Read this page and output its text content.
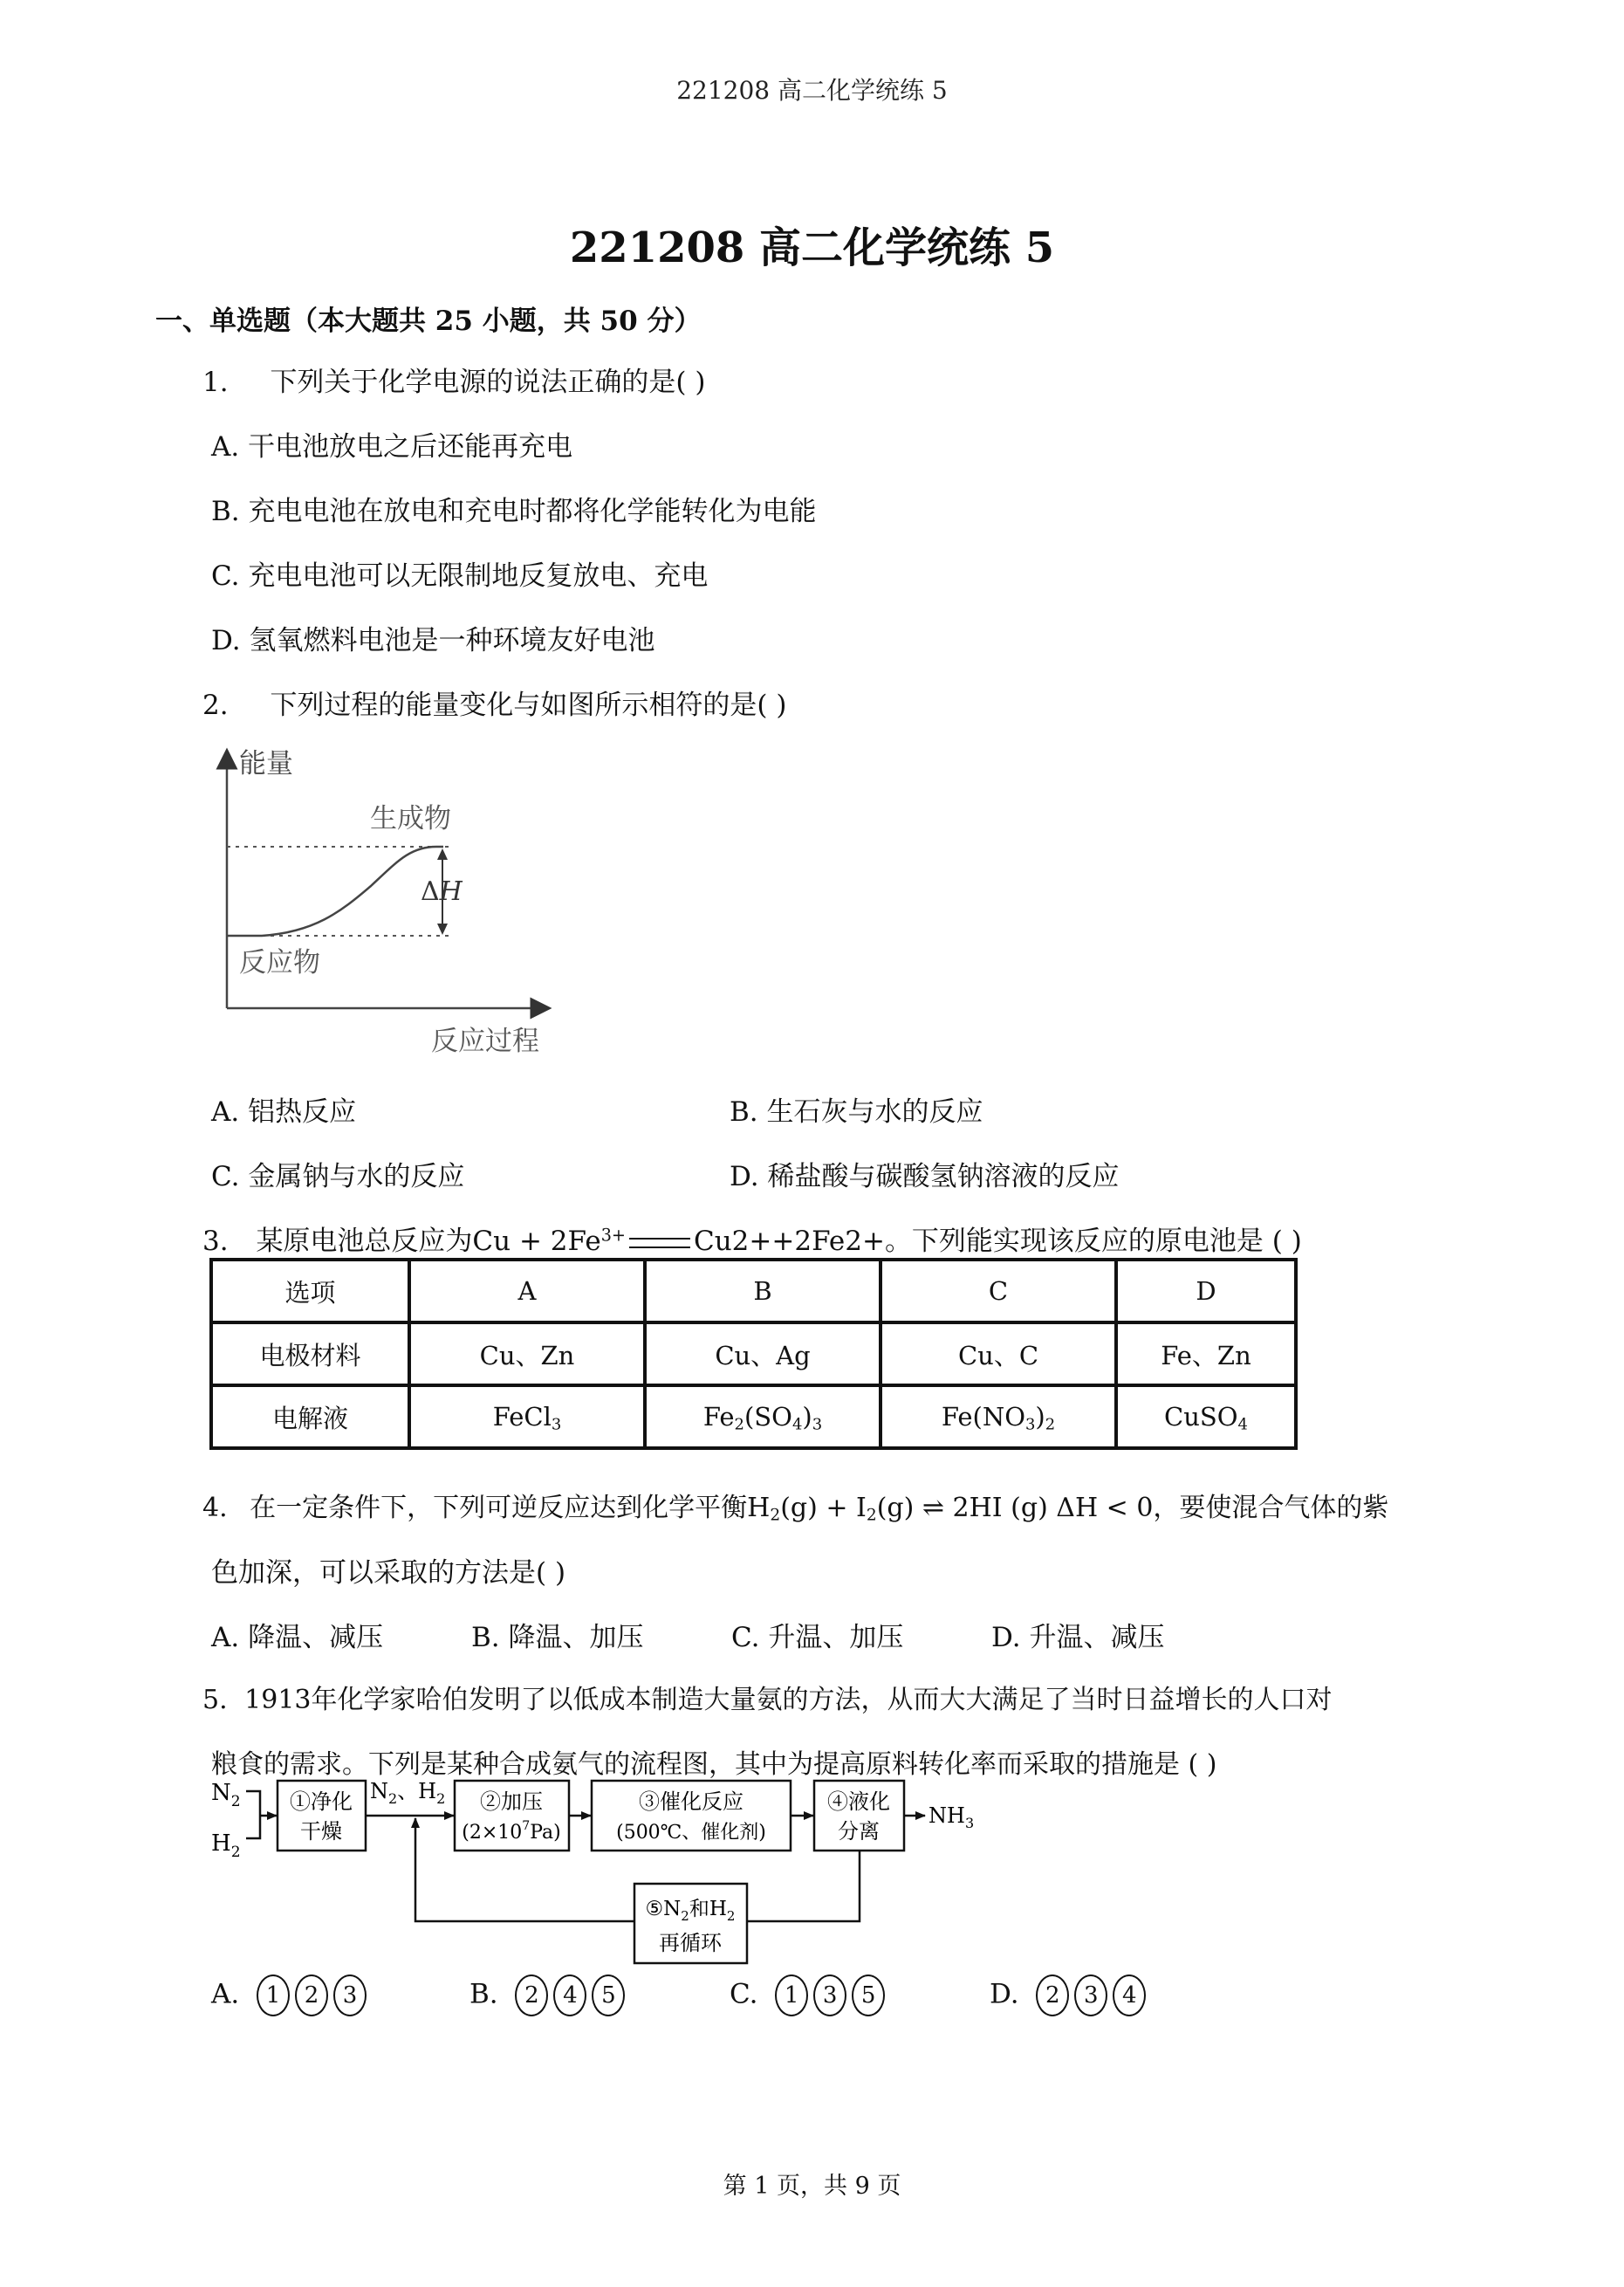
221208 高二化学统练 5
221208 高二化学统练 5
一、单选题（本大题共 25 小题，共 50 分）
1. 下列关于化学电源的说法正确的是( )
A. 干电池放电之后还能再充电
B. 充电电池在放电和充电时都将化学能转化为电能
C. 充电电池可以无限制地反复放电、充电
D. 氢氧燃料电池是一种环境友好电池
2. 下列过程的能量变化与如图所示相符的是( )
能量
生成物
反应物
ΔH
反应过程
A. 铝热反应	B. 生石灰与水的反应
C. 金属钠与水的反应	D. 稀盐酸与碳酸氢钠溶液的反应
3. 某原电池总反应为$Cu + 2Fe^{3+}$	Cu2++2Fe2+。下列能实现该反应的原电池是 ( )
选项	A	B	C	D
电极材料	Cu、Zn	Cu、Ag	Cu、C	Fe、Zn
电解液	FeCl$_3$	$Fe_2(SO_4)_3$	$Fe(NO_3)_2$	CuSO$_4$
4. 在一定条件下，下列可逆反应达到化学平衡$H_2(g) + I_2(g)$ ⇌ 2HI (g) ΔH < 0，要使混合气体的紫
色加深，可以采取的方法是( )
A. 降温、减压	B. 降温、加压	C. 升温、加压	D. 升温、减压
5. 1913年化学家哈伯发明了以低成本制造大量氨的方法，从而大大满足了当时日益增长的人口对
粮食的需求。下列是某种合成氨气的流程图，其中为提高原料转化率而采取的措施是 ( )
$N_2$
$H_2$
①净化
干燥
$N_2$、$H_2$ ②加压
$(2\times 10^7Pa)$
③催化反应
(500℃、催化剂)
④液化
分离
$NH_3$
$⑤N_2$和$H_2$
再循环
A. 1 2 3	B. 2 4 5	C. 1 3 5	D. 2 3 4
第 1 页，共 9 页
